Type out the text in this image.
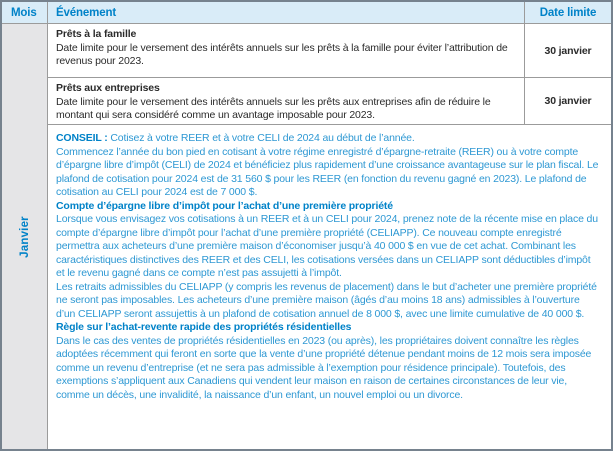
Mois Événement	Date limite
Janvier
Prêts à la famille
Date limite pour le versement des intérêts annuels sur les prêts à la famille pour éviter l’attribution de revenus pour 2023.
30 janvier
Prêts aux entreprises
Date limite pour le versement des intérêts annuels sur les prêts aux entreprises afin de réduire le montant qui sera considéré comme un avantage imposable pour 2023.
30 janvier

CONSEIL : Cotisez à votre REER et à votre CELI de 2024 au début de l’année.

Commencez l’année du bon pied en cotisant à votre régime enregistré d’épargne-retraite (REER) ou à votre compte d’épargne libre d’impôt (CELI) de 2024 et bénéficiez plus rapidement d’une croissance avantageuse sur le plan fiscal. Le plafond de cotisation pour 2024 est de 31 560 $ pour les REER (en fonction du revenu gagné en 2023). Le plafond de cotisation au CELI pour 2024 est de 7 000 $.

Compte d’épargne libre d’impôt pour l’achat d’une première propriété

Lorsque vous envisagez vos cotisations à un REER et à un CELI pour 2024, prenez note de la récente mise en place du compte d’épargne libre d’impôt pour l’achat d’une première propriété (CELIAPP). Ce nouveau compte enregistré permettra aux acheteurs d’une première maison d’économiser jusqu’à 40 000 $ en vue de cet achat. Combinant les caractéristiques distinctives des REER et des CELI, les cotisations versées dans un CELIAPP sont déductibles d’impôt et le revenu gagné dans ce compte n’est pas assujetti à l’impôt.

Les retraits admissibles du CELIAPP (y compris les revenus de placement) dans le but d’acheter une première propriété ne seront pas imposables. Les acheteurs d’une première maison (âgés d’au moins 18 ans) admissibles à l’ouverture d’un CELIAPP seront assujettis à un plafond de cotisation annuel de 8 000 $, avec une limite cumulative de 40 000 $.

Règle sur l’achat-revente rapide des propriétés résidentielles

Dans le cas des ventes de propriétés résidentielles en 2023 (ou après), les propriétaires doivent connaître les règles adoptées récemment qui feront en sorte que la vente d’une propriété détenue pendant moins de 12 mois sera imposée comme un revenu d’entreprise (et ne sera pas admissible à l’exemption pour résidence principale). Toutefois, des exemptions s’appliquent aux Canadiens qui vendent leur maison en raison de certaines circonstances de leur vie, comme un décès, une invalidité, la naissance d’un enfant, un nouvel emploi ou un divorce.
